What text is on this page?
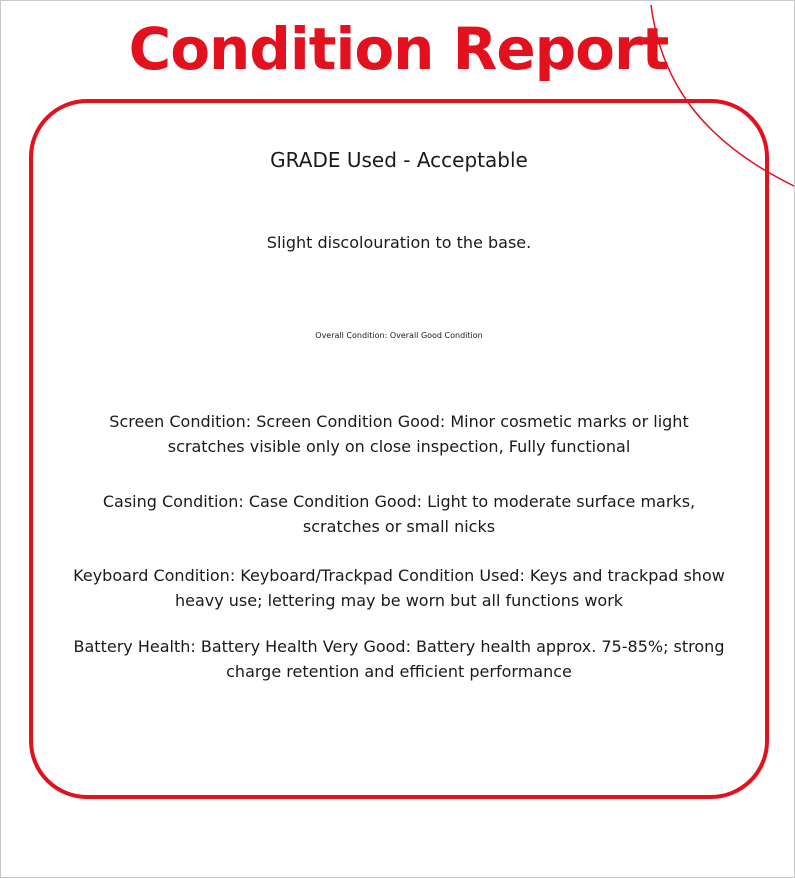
Condition Report
GRADE Used - Acceptable
Slight discolouration to the base.
Overall Condition: Overall Good Condition
Screen Condition: Screen Condition Good: Minor cosmetic marks or light scratches visible only on close inspection, Fully functional
Casing Condition: Case Condition Good: Light to moderate surface marks, scratches or small nicks
Keyboard Condition: Keyboard/Trackpad Condition Used: Keys and trackpad show heavy use; lettering may be worn but all functions work
Battery Health: Battery Health Very Good: Battery health approx. 75-85%; strong charge retention and efficient performance
